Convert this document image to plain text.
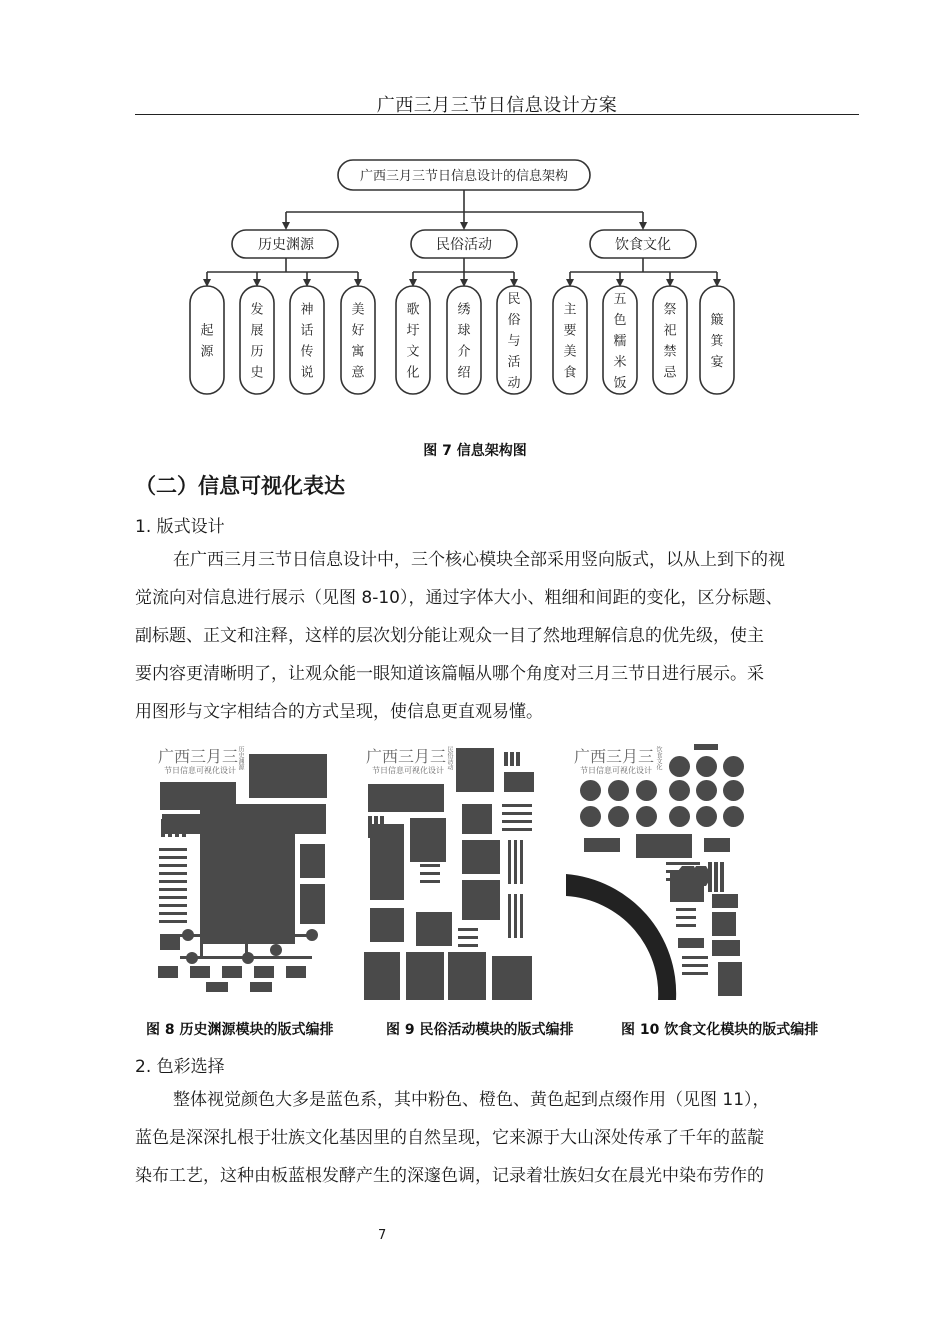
广西三月三节日信息设计方案
广西三月三节日信息设计的信息架构
历史渊源	民俗活动	饮食文化
起源
发展历史
神话传说
美好寓意
歌圩文化
绣球介绍
民俗与活动
主要美食
五色糯米饭
祭祀禁忌
簸箕宴
图 7 信息架构图
（二）信息可视化表达
1. 版式设计
在广西三月三节日信息设计中，三个核心模块全部采用竖向版式，以从上到下的视
觉流向对信息进行展示（见图 8-10），通过字体大小、粗细和间距的变化，区分标题、
副标题、正文和注释，这样的层次划分能让观众一目了然地理解信息的优先级，使主
要内容更清晰明了，让观众能一眼知道该篇幅从哪个角度对三月三节日进行展示。采
用图形与文字相结合的方式呈现，使信息更直观易懂。
广西三月三
节日信息可视化设计
历史渊源	广西三月三
节日信息可视化设计
民俗活动	广西三月三
节日信息可视化设计
饮食文化
图 8 历史渊源模块的版式编排	图 9 民俗活动模块的版式编排	图 10 饮食文化模块的版式编排
2. 色彩选择
整体视觉颜色大多是蓝色系，其中粉色、橙色、黄色起到点缀作用（见图 11），
蓝色是深深扎根于壮族文化基因里的自然呈现，它来源于大山深处传承了千年的蓝靛
染布工艺，这种由板蓝根发酵产生的深邃色调，记录着壮族妇女在晨光中染布劳作的
7
